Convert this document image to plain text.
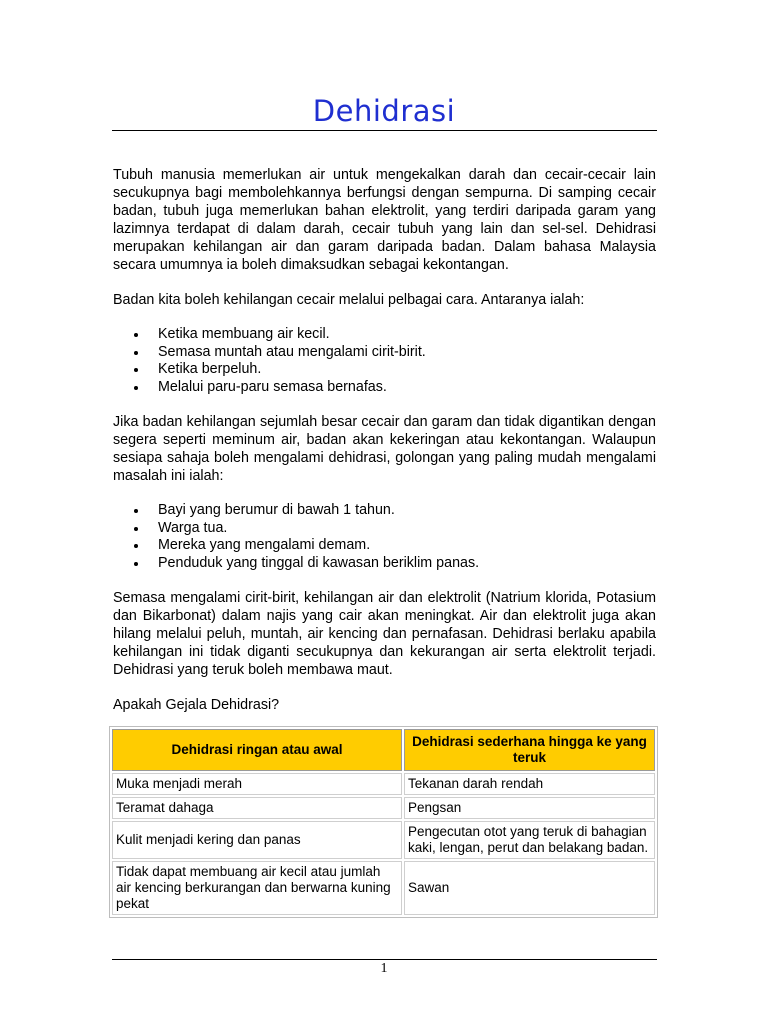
Dehidrasi

Tubuh manusia memerlukan air untuk mengekalkan darah dan cecair-cecair lain secukupnya bagi membolehkannya berfungsi dengan sempurna. Di samping cecair badan, tubuh juga memerlukan bahan elektrolit, yang terdiri daripada garam yang lazimnya terdapat di dalam darah, cecair tubuh yang lain dan sel-sel. Dehidrasi merupakan kehilangan air dan garam daripada badan. Dalam bahasa Malaysia secara umumnya ia boleh dimaksudkan sebagai kekontangan.

Badan kita boleh kehilangan cecair melalui pelbagai cara. Antaranya ialah:

Ketika membuang air kecil.
Semasa muntah atau mengalami cirit-birit.
Ketika berpeluh.
Melalui paru-paru semasa bernafas.

Jika badan kehilangan sejumlah besar cecair dan garam dan tidak digantikan dengan segera seperti meminum air, badan akan kekeringan atau kekontangan. Walaupun sesiapa sahaja boleh mengalami dehidrasi, golongan yang paling mudah mengalami masalah ini ialah:

Bayi yang berumur di bawah 1 tahun.
Warga tua.
Mereka yang mengalami demam.
Penduduk yang tinggal di kawasan beriklim panas.

Semasa mengalami cirit-birit, kehilangan air dan elektrolit (Natrium klorida, Potasium dan Bikarbonat) dalam najis yang cair akan meningkat. Air dan elektrolit juga akan hilang melalui peluh, muntah, air kencing dan pernafasan. Dehidrasi berlaku apabila kehilangan ini tidak diganti secukupnya dan kekurangan air serta elektrolit terjadi. Dehidrasi yang teruk boleh membawa maut.

Apakah Gejala Dehidrasi?

Dehidrasi ringan atau awal	Dehidrasi sederhana hingga ke yang teruk
Muka menjadi merah	Tekanan darah rendah
Teramat dahaga	Pengsan
Kulit menjadi kering dan panas	Pengecutan otot yang teruk di bahagian kaki, lengan, perut dan belakang badan.
Tidak dapat membuang air kecil atau jumlah air kencing berkurangan dan berwarna kuning pekat	Sawan
1
